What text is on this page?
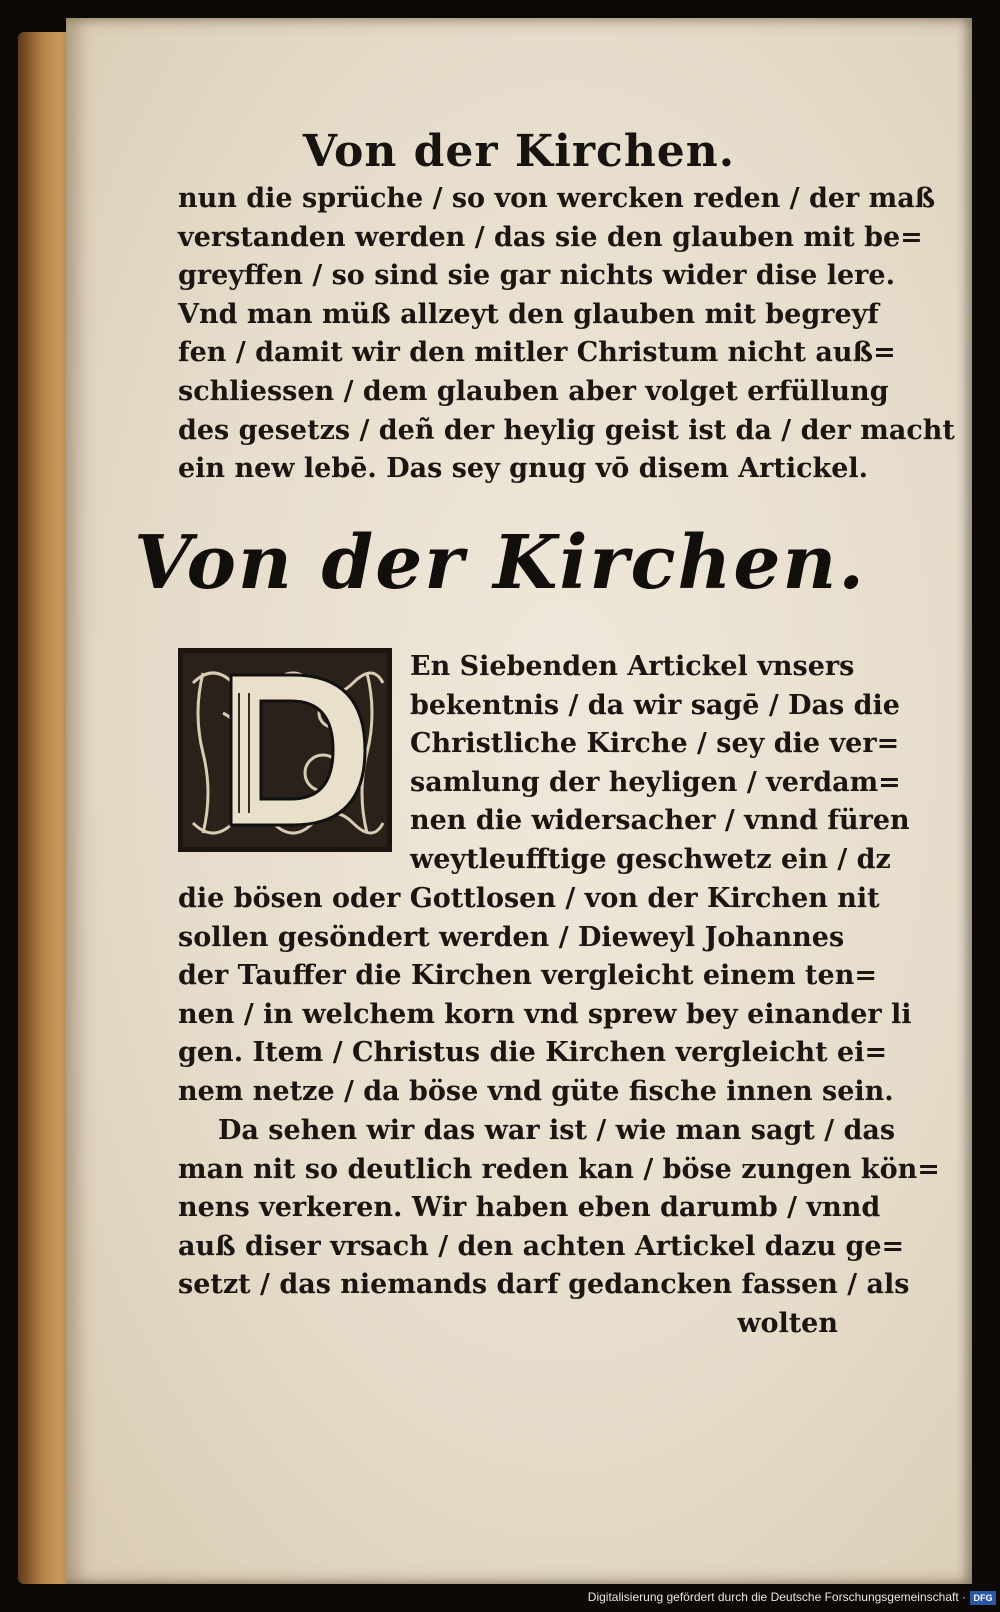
Von der Kirchen.
nun die sprüche / so von wercken reden / der maß
verstanden werden / das sie den glauben mit be=
greyffen / so sind sie gar nichts wider dise lere.
Vnd man müß allzeyt den glauben mit begreyf
fen / damit wir den mitler Christum nicht auß=
schliessen / dem glauben aber volget erfüllung
des gesetzs / deñ der heylig geist ist da / der macht
ein new lebē. Das sey gnug vō disem Artickel.
Von der Kirchen.
D	En Siebenden Artickel vnsers
bekentnis / da wir sagē / Das die
Christliche Kirche / sey die ver=
samlung der heyligen / verdam=
nen die widersacher / vnnd füren
weytleufftige geschwetz ein / dz
die bösen oder Gottlosen / von der Kirchen nit
sollen gesöndert werden / Dieweyl Johannes
der Tauffer die Kirchen vergleicht einem ten=
nen / in welchem korn vnd sprew bey einander li
gen. Item / Christus die Kirchen vergleicht ei=
nem netze / da böse vnd güte fische innen sein.
Da sehen wir das war ist / wie man sagt / das
man nit so deutlich reden kan / böse zungen kön=
nens verkeren. Wir haben eben darumb / vnnd
auß diser vrsach / den achten Artickel dazu ge=
setzt / das niemands darf gedancken fassen / als
wolten
Digitalisierung gefördert durch die Deutsche Forschungsgemeinschaft · DFG
